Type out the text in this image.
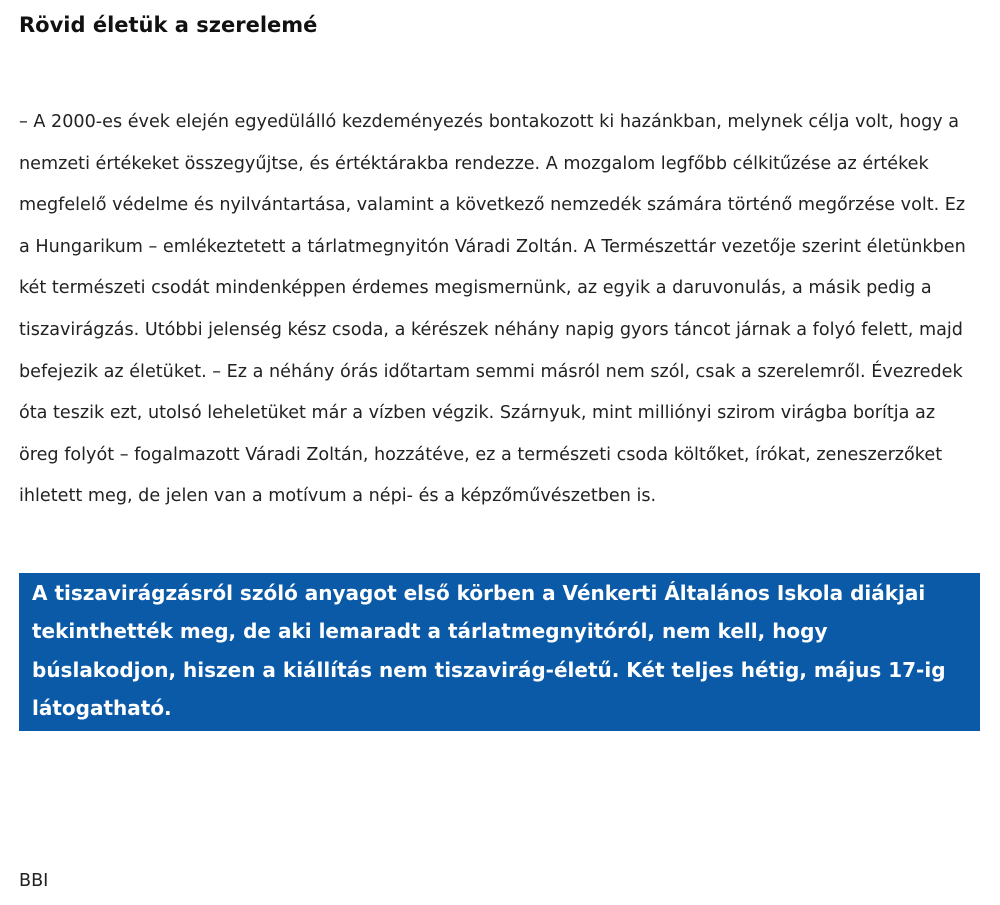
Rövid életük a szerelemé

– A 2000-es évek elején egyedülálló kezdeményezés bontakozott ki hazánkban, melynek célja volt, hogy a nemzeti értékeket összegyűjtse, és értéktárakba rendezze. A mozgalom legfőbb célkitűzése az értékek megfelelő védelme és nyilvántartása, valamint a következő nemzedék számára történő megőrzése volt. Ez a Hungarikum – emlékeztetett a tárlatmegnyitón Váradi Zoltán. A Természettár vezetője szerint életünkben két természeti csodát mindenképpen érdemes megismernünk, az egyik a daruvonulás, a másik pedig a tiszavirágzás. Utóbbi jelenség kész csoda, a kérészek néhány napig gyors táncot járnak a folyó felett, majd befejezik az életüket. – Ez a néhány órás időtartam semmi másról nem szól, csak a szerelemről. Évezredek óta teszik ezt, utolsó leheletüket már a vízben végzik. Szárnyuk, mint milliónyi szirom virágba borítja az öreg folyót – fogalmazott Váradi Zoltán, hozzátéve, ez a természeti csoda költőket, írókat, zeneszerzőket ihletett meg, de jelen van a motívum a népi- és a képzőművészetben is.

A tiszavirágzásról szóló anyagot első körben a Vénkerti Általános Iskola diákjai tekinthették meg, de aki lemaradt a tárlatmegnyitóról, nem kell, hogy búslakodjon, hiszen a kiállítás nem tiszavirág-életű. Két teljes hétig, május 17-ig látogatható.

BBI
